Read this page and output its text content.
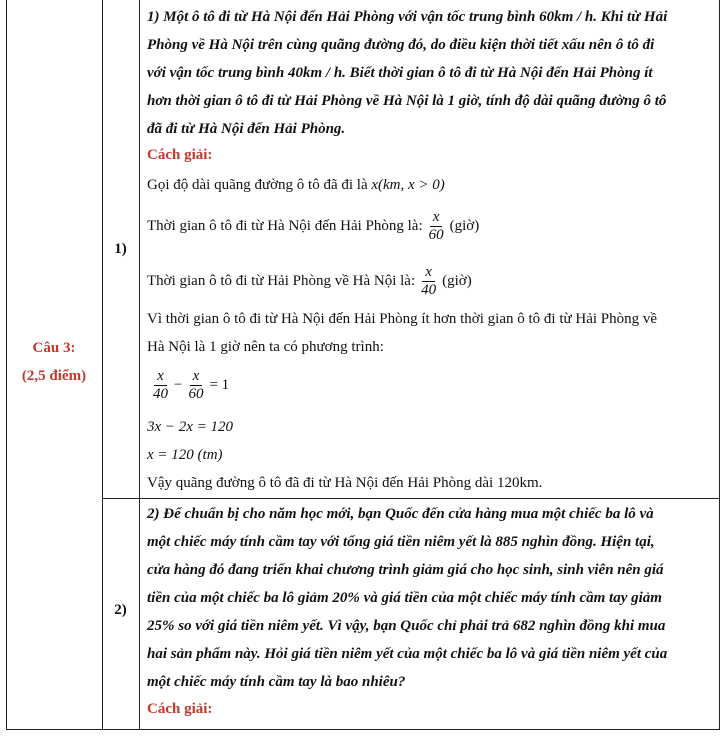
Câu 3:
(2,5 điểm)
1)
2)
1) Một ô tô đi từ Hà Nội đến Hải Phòng với vận tốc trung bình 60km / h. Khi từ Hải
Phòng về Hà Nội trên cùng quãng đường đó, do điều kiện thời tiết xấu nên ô tô đi
với vận tốc trung bình 40km / h. Biết thời gian ô tô đi từ Hà Nội đến Hải Phòng ít
hơn thời gian ô tô đi từ Hải Phòng về Hà Nội là 1 giờ, tính độ dài quãng đường ô tô
đã đi từ Hà Nội đến Hải Phòng.
Cách giải:
Gọi độ dài quãng đường ô tô đã đi là x(km, x > 0)
Thời gian ô tô đi từ Hà Nội đến Hải Phòng là: $\frac{x}{60}$ (giờ)
Thời gian ô tô đi từ Hải Phòng về Hà Nội là: $\frac{x}{40}$ (giờ)
Vì thời gian ô tô đi từ Hà Nội đến Hải Phòng ít hơn thời gian ô tô đi từ Hải Phòng về
Hà Nội là 1 giờ nên ta có phương trình:
$\frac{x}{40} - \frac{x}{60} = 1$
3x − 2x = 120
x = 120 (tm)
Vậy quãng đường ô tô đã đi từ Hà Nội đến Hải Phòng dài 120km.
2) Để chuẩn bị cho năm học mới, bạn Quốc đến cửa hàng mua một chiếc ba lô và
một chiếc máy tính cầm tay với tổng giá tiền niêm yết là 885 nghìn đồng. Hiện tại,
cửa hàng đó đang triển khai chương trình giảm giá cho học sinh, sinh viên nên giá
tiền của một chiếc ba lô giảm 20% và giá tiền của một chiếc máy tính cầm tay giảm
25% so với giá tiền niêm yết. Vì vậy, bạn Quốc chỉ phải trả 682 nghìn đồng khi mua
hai sản phẩm này. Hỏi giá tiền niêm yết của một chiếc ba lô và giá tiền niêm yết của
một chiếc máy tính cầm tay là bao nhiêu?
Cách giải:
